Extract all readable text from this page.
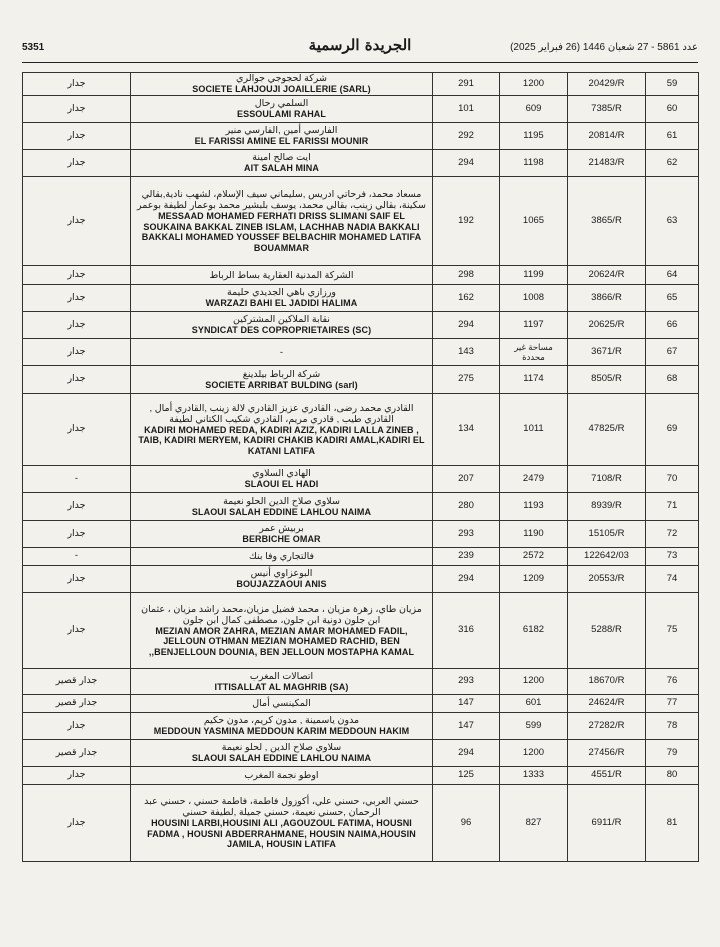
5351	الجريدة الرسمية	عدد 5861 - 27 شعبان 1446 (26 فبراير 2025)
جدار	شركة لحجوجي جوالري
SOCIETE LAHJOUJI JOAILLERIE (SARL)	291	1200	20429/R	59
جدار	السلمي رحال
ESSOULAMI RAHAL	101	609	7385/R	60
جدار	الفارسي أمين ,الفارسي منير
EL FARISSI AMINE EL FARISSI MOUNIR	292	1195	20814/R	61
جدار	ايت صالح امينة
AIT SALAH MINA	294	1198	21483/R	62
جدار	مسعاد محمد، فرحاتي ادريس ,سليماني سيف الإسلام، لشهب نادية,بقالي سكينة، بقالي زينب، بقالي محمد، يوسف بلبشير محمد بوعمار لطيفة بوعمر
MESSAAD MOHAMED FERHATI DRISS SLIMANI SAIF EL SOUKAINA BAKKAL ZINEB ISLAM, LACHHAB NADIA BAKKALI BAKKALI MOHAMED YOUSSEF BELBACHIR MOHAMED LATIFA BOUAMMAR	192	1065	3865/R	63
جدار	الشركة المدنية العقارية بساط الرباط	298	1199	20624/R	64
جدار	ورزازي باهي الجديدي حليمة
WARZAZI BAHI EL JADIDI HALIMA	162	1008	3866/R	65
جدار	نقابة الملاكين المشتركين
SYNDICAT DES COPROPRIETAIRES (SC)	294	1197	20625/R	66
جدار	-	143	مساحة غير محددة	3671/R	67
جدار	شركة الرباط بيلدينغ
SOCIETE ARRIBAT BULDING (sarl)	275	1174	8505/R	68
جدار	القادري محمد رضى، القادري عزيز القادري لالة زينب ,القادري أمال , القادري طيب , قادري مريم، القادري شكيب الكتاني لطيفة
KADIRI MOHAMED REDA, KADIRI AZIZ, KADIRI LALLA ZINEB , TAIB, KADIRI MERYEM, KADIRI CHAKIB KADIRI AMAL,KADIRI EL KATANI LATIFA	134	1011	47825/R	69
-	الهادي السلاوي
SLAOUI EL HADI	207	2479	7108/R	70
جدار	سلاوي صلاح الدين الحلو نعيمة
SLAOUI SALAH EDDINE LAHLOU NAIMA	280	1193	8939/R	71
جدار	بربيش عمر
BERBICHE OMAR	293	1190	15105/R	72
-	فالتجاري وفا بنك	239	2572	122642/03	73
جدار	البوعزاوي أنيس
BOUJAZZAOUI ANIS	294	1209	20553/R	74
جدار	مزيان طاي، زهرة مزيان ، محمد فضيل مزيان،محمد راشد مزيان ، عثمان ابن جلون دونية ابن جلون، مصطفى كمال ابن جلون
MEZIAN AMOR ZAHRA, MEZIAN AMAR MOHAMED FADIL, JELLOUN OTHMAN MEZIAN MOHAMED RACHID, BEN ,,BENJELLOUN DOUNIA, BEN JELLOUN MOSTAPHA KAMAL	316	6182	5288/R	75
جدار قصير	اتصالات المغرب
ITTISALLAT AL MAGHRIB (SA)	293	1200	18670/R	76
جدار قصير	المكينسي أمال	147	601	24624/R	77
جدار	مدون ياسمينة , مدون كريم، مدون حكيم
MEDDOUN YASMINA MEDDOUN KARIM MEDDOUN HAKIM	147	599	27282/R	78
جدار قصير	سلاوي صلاح الدين , لحلو نعيمة
SLAOUI SALAH EDDINE LAHLOU NAIMA	294	1200	27456/R	79
جدار	اوطو نجمة المغرب	125	1333	4551/R	80
جدار	حسني العربي، حسني علي، أكوزول فاطمة، فاطمة حسني ، حسني عبد الرحمان ,حسني نعيمة، حسني جميلة ,لطيفة حسني
HOUSINI LARBI,HOUSINI ALI ,AGOUZOUL FATIMA, HOUSNI FADMA , HOUSNI ABDERRAHMANE, HOUSIN NAIMA,HOUSIN JAMILA, HOUSIN LATIFA	96	827	6911/R	81
